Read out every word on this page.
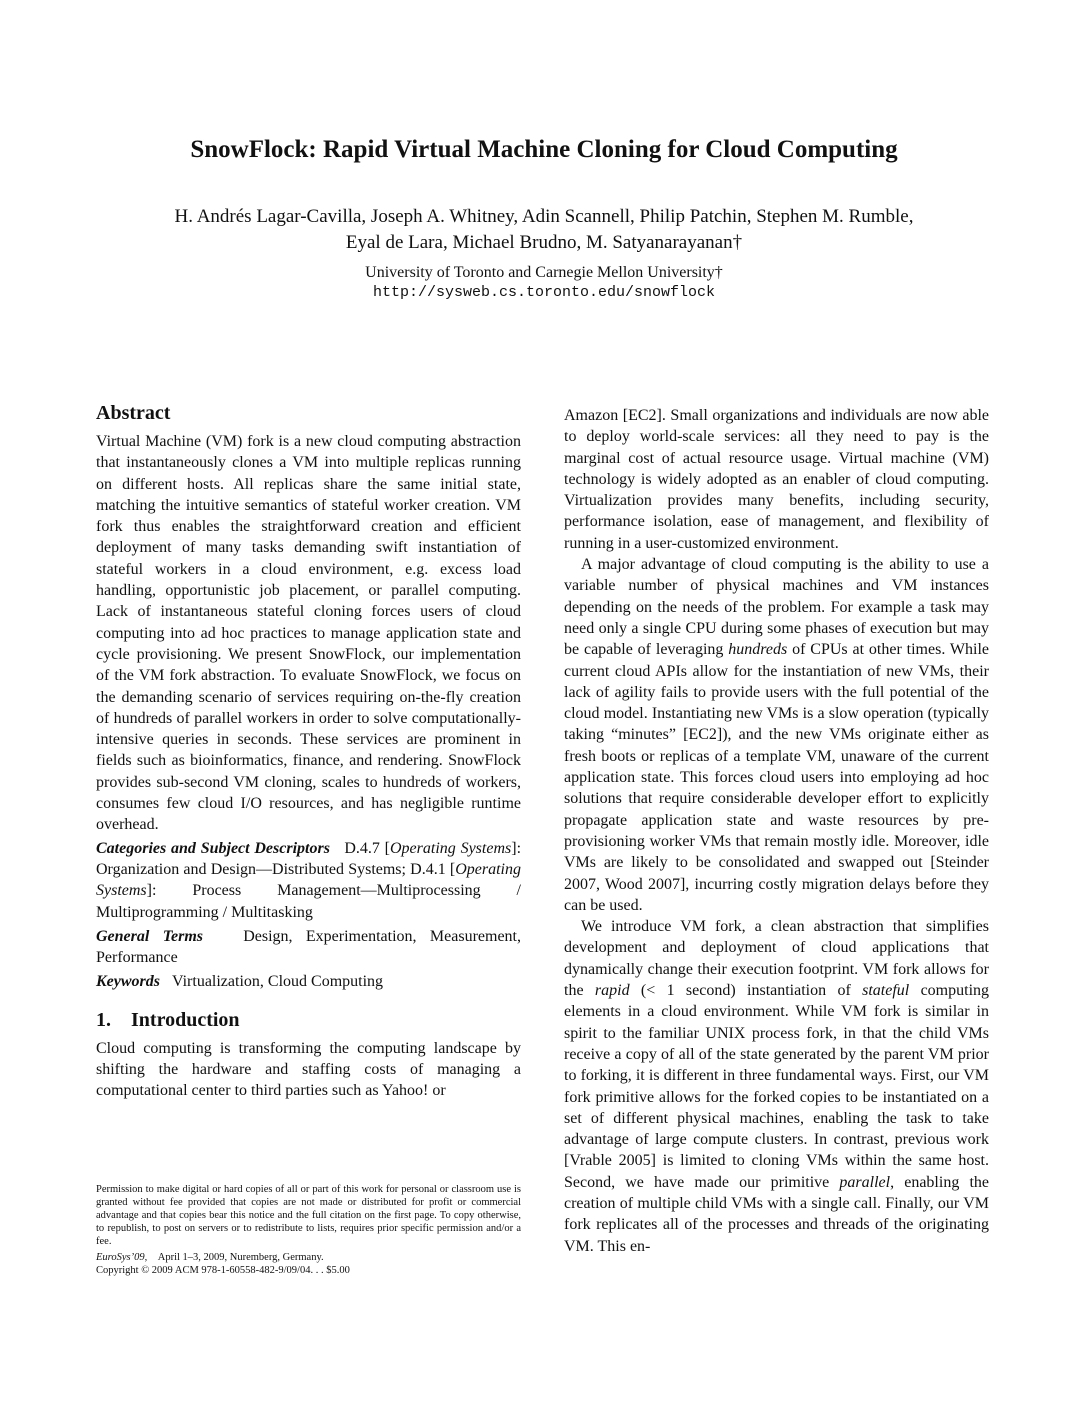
SnowFlock: Rapid Virtual Machine Cloning for Cloud Computing

H. Andrés Lagar-Cavilla, Joseph A. Whitney, Adin Scannell, Philip Patchin, Stephen M. Rumble,
Eyal de Lara, Michael Brudno, M. Satyanarayanan†

University of Toronto and Carnegie Mellon University†
http://sysweb.cs.toronto.edu/snowflock
Abstract

Virtual Machine (VM) fork is a new cloud computing abstraction that instantaneously clones a VM into multiple replicas running on different hosts. All replicas share the same initial state, matching the intuitive semantics of stateful worker creation. VM fork thus enables the straightforward creation and efficient deployment of many tasks demanding swift instantiation of stateful workers in a cloud environment, e.g. excess load handling, opportunistic job placement, or parallel computing. Lack of instantaneous stateful cloning forces users of cloud computing into ad hoc practices to manage application state and cycle provisioning. We present SnowFlock, our implementation of the VM fork abstraction. To evaluate SnowFlock, we focus on the demanding scenario of services requiring on-the-fly creation of hundreds of parallel workers in order to solve computationally-intensive queries in seconds. These services are prominent in fields such as bioinformatics, finance, and rendering. SnowFlock provides sub-second VM cloning, scales to hundreds of workers, consumes few cloud I/O resources, and has negligible runtime overhead.

Categories and Subject Descriptors D.4.7 [Operating Systems]: Organization and Design—Distributed Systems; D.4.1 [Operating Systems]: Process Management—Multiprocessing / Multiprogramming / Multitasking

General Terms	Design, Experimentation, Measurement, Performance

Keywords Virtualization, Cloud Computing

1.    Introduction

Cloud computing is transforming the computing landscape by shifting the hardware and staffing costs of managing a computational center to third parties such as Yahoo! or

Permission to make digital or hard copies of all or part of this work for personal or classroom use is granted without fee provided that copies are not made or distributed for profit or commercial advantage and that copies bear this notice and the full citation on the first page. To copy otherwise, to republish, to post on servers or to redistribute to lists, requires prior specific permission and/or a fee.

EuroSys’09, April 1–3, 2009, Nuremberg, Germany.

Copyright © 2009 ACM 978-1-60558-482-9/09/04. . . $5.00

Amazon [EC2]. Small organizations and individuals are now able to deploy world-scale services: all they need to pay is the marginal cost of actual resource usage. Virtual machine (VM) technology is widely adopted as an enabler of cloud computing. Virtualization provides many benefits, including security, performance isolation, ease of management, and flexibility of running in a user-customized environment.

A major advantage of cloud computing is the ability to use a variable number of physical machines and VM instances depending on the needs of the problem. For example a task may need only a single CPU during some phases of execution but may be capable of leveraging hundreds of CPUs at other times. While current cloud APIs allow for the instantiation of new VMs, their lack of agility fails to provide users with the full potential of the cloud model. Instantiating new VMs is a slow operation (typically taking “minutes” [EC2]), and the new VMs originate either as fresh boots or replicas of a template VM, unaware of the current application state. This forces cloud users into employing ad hoc solutions that require considerable developer effort to explicitly propagate application state and waste resources by pre-provisioning worker VMs that remain mostly idle. Moreover, idle VMs are likely to be consolidated and swapped out [Steinder 2007, Wood 2007], incurring costly migration delays before they can be used.

We introduce VM fork, a clean abstraction that simplifies development and deployment of cloud applications that dynamically change their execution footprint. VM fork allows for the rapid (< 1 second) instantiation of stateful computing elements in a cloud environment. While VM fork is similar in spirit to the familiar UNIX process fork, in that the child VMs receive a copy of all of the state generated by the parent VM prior to forking, it is different in three fundamental ways. First, our VM fork primitive allows for the forked copies to be instantiated on a set of different physical machines, enabling the task to take advantage of large compute clusters. In contrast, previous work [Vrable 2005] is limited to cloning VMs within the same host. Second, we have made our primitive parallel, enabling the creation of multiple child VMs with a single call. Finally, our VM fork replicates all of the processes and threads of the originating VM. This en-
